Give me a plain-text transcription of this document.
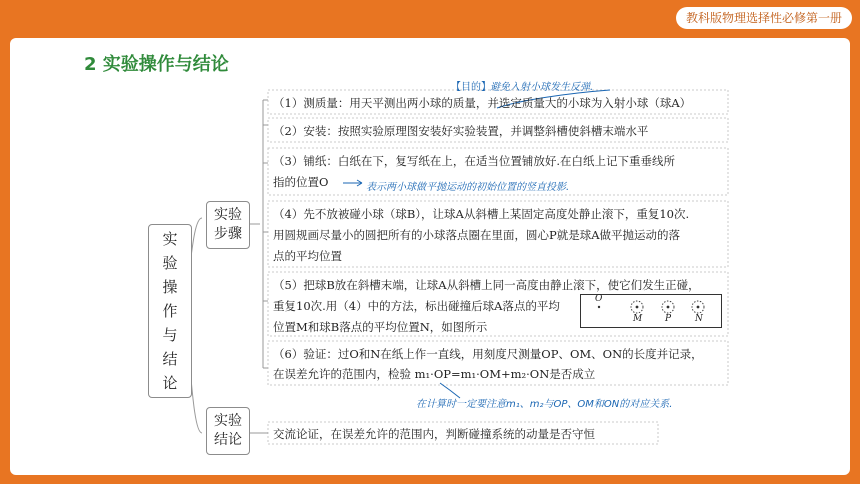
教科版物理选择性必修第一册
2 实验操作与结论
实验操作与结论
实验
步骤
实验
结论
【目的】 避免入射小球发生反弹.
（1）测质量：用天平测出两小球的质量，并选定质量大的小球为入射小球（球A）
（2）安装：按照实验原理图安装好实验装置，并调整斜槽使斜槽末端水平
（3）铺纸：白纸在下，复写纸在上，在适当位置铺放好.在白纸上记下重垂线所
指的位置O
（4）先不放被碰小球（球B），让球A从斜槽上某固定高度处静止滚下，重复10次.
用圆规画尽量小的圆把所有的小球落点圈在里面，圆心P就是球A做平抛运动的落
点的平均位置
（5）把球B放在斜槽末端，让球A从斜槽上同一高度由静止滚下，使它们发生正碰，
重复10次.用（4）中的方法，标出碰撞后球A落点的平均
位置M和球B落点的平均位置N，如图所示
（6）验证：过O和N在纸上作一直线，用刻度尺测量OP、OM、ON的长度并记录，
在误差允许的范围内，检验 m₁·OP=m₁·OM+m₂·ON是否成立
交流论证，在误差允许的范围内，判断碰撞系统的动量是否守恒
表示两小球做平抛运动的初始位置的竖直投影.
在计算时一定要注意m₁、m₂与OP、OM和ON的对应关系.
O
M	P	N
